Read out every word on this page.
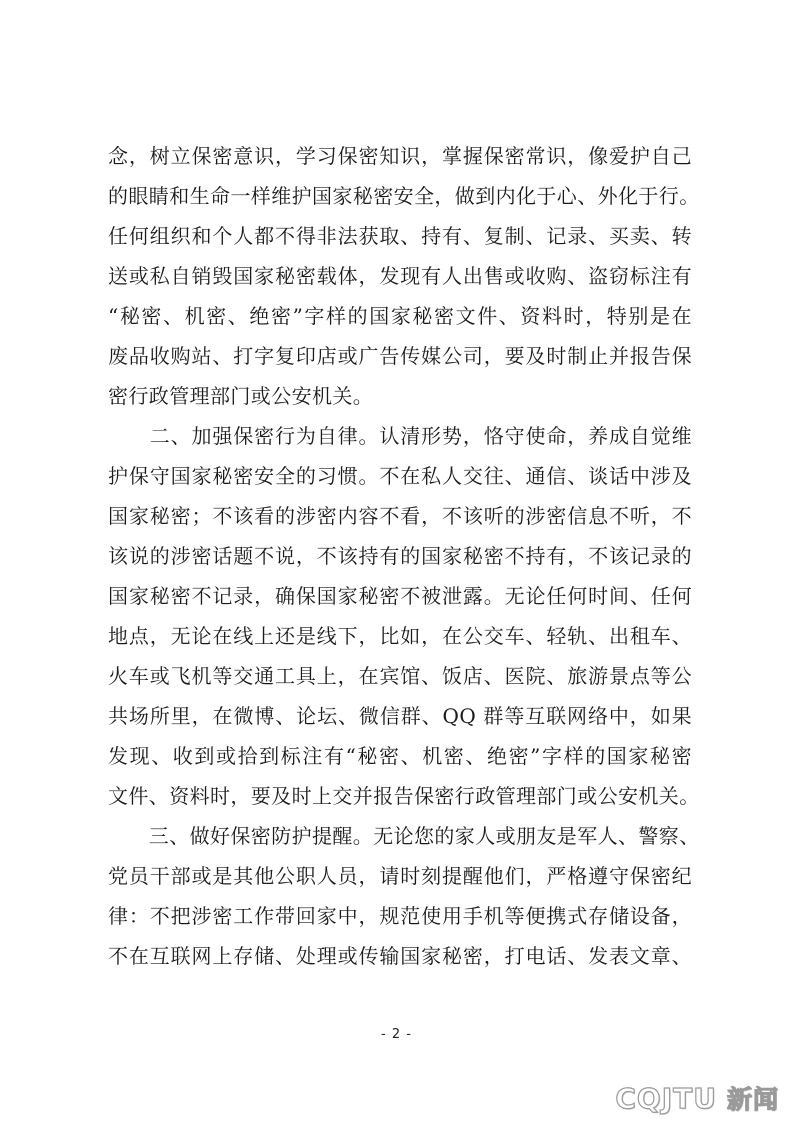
念，树立保密意识，学习保密知识，掌握保密常识，像爱护自己
的眼睛和生命一样维护国家秘密安全，做到内化于心、外化于行。
任何组织和个人都不得非法获取、持有、复制、记录、买卖、转
送或私自销毁国家秘密载体，发现有人出售或收购、盗窃标注有
“秘密、机密、绝密”字样的国家秘密文件、资料时，特别是在
废品收购站、打字复印店或广告传媒公司，要及时制止并报告保
密行政管理部门或公安机关。
　　二、加强保密行为自律。认清形势，恪守使命，养成自觉维
护保守国家秘密安全的习惯。不在私人交往、通信、谈话中涉及
国家秘密；不该看的涉密内容不看，不该听的涉密信息不听，不
该说的涉密话题不说，不该持有的国家秘密不持有，不该记录的
国家秘密不记录，确保国家秘密不被泄露。无论任何时间、任何
地点，无论在线上还是线下，比如，在公交车、轻轨、出租车、
火车或飞机等交通工具上，在宾馆、饭店、医院、旅游景点等公
共场所里，在微博、论坛、微信群、QQ 群等互联网络中，如果
发现、收到或拾到标注有“秘密、机密、绝密”字样的国家秘密
文件、资料时，要及时上交并报告保密行政管理部门或公安机关。
　　三、做好保密防护提醒。无论您的家人或朋友是军人、警察、
党员干部或是其他公职人员，请时刻提醒他们，严格遵守保密纪
律：不把涉密工作带回家中，规范使用手机等便携式存储设备，
不在互联网上存储、处理或传输国家秘密，打电话、发表文章、
- 2 -
CQJTU 新闻
